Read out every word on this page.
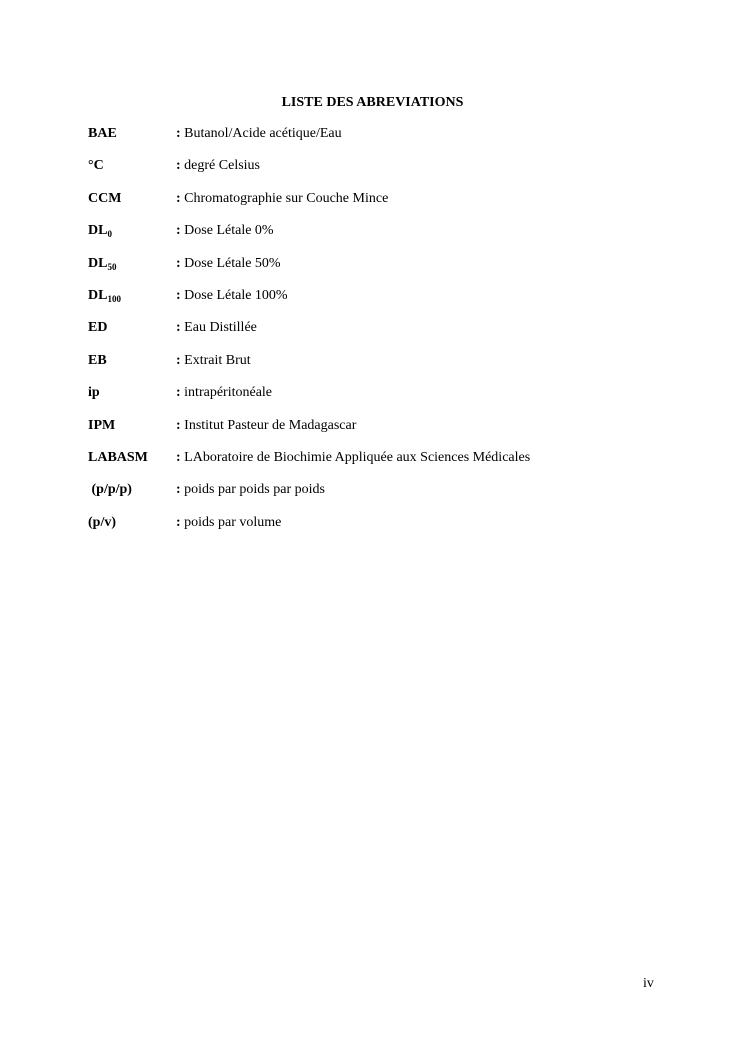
LISTE DES ABREVIATIONS
BAE	: Butanol/Acide acétique/Eau
°C	: degré Celsius
CCM	: Chromatographie sur Couche Mince
$DL_0$	: Dose Létale 0%
$DL_{50}$	: Dose Létale 50%
$DL_{100}$	: Dose Létale 100%
ED	: Eau Distillée
EB	: Extrait Brut
ip	: intrapéritonéale
IPM	: Institut Pasteur de Madagascar
LABASM : LAboratoire de Biochimie Appliquée aux Sciences Médicales
(p/p/p)	: poids par poids par poids
(p/v)	: poids par volume
iv
